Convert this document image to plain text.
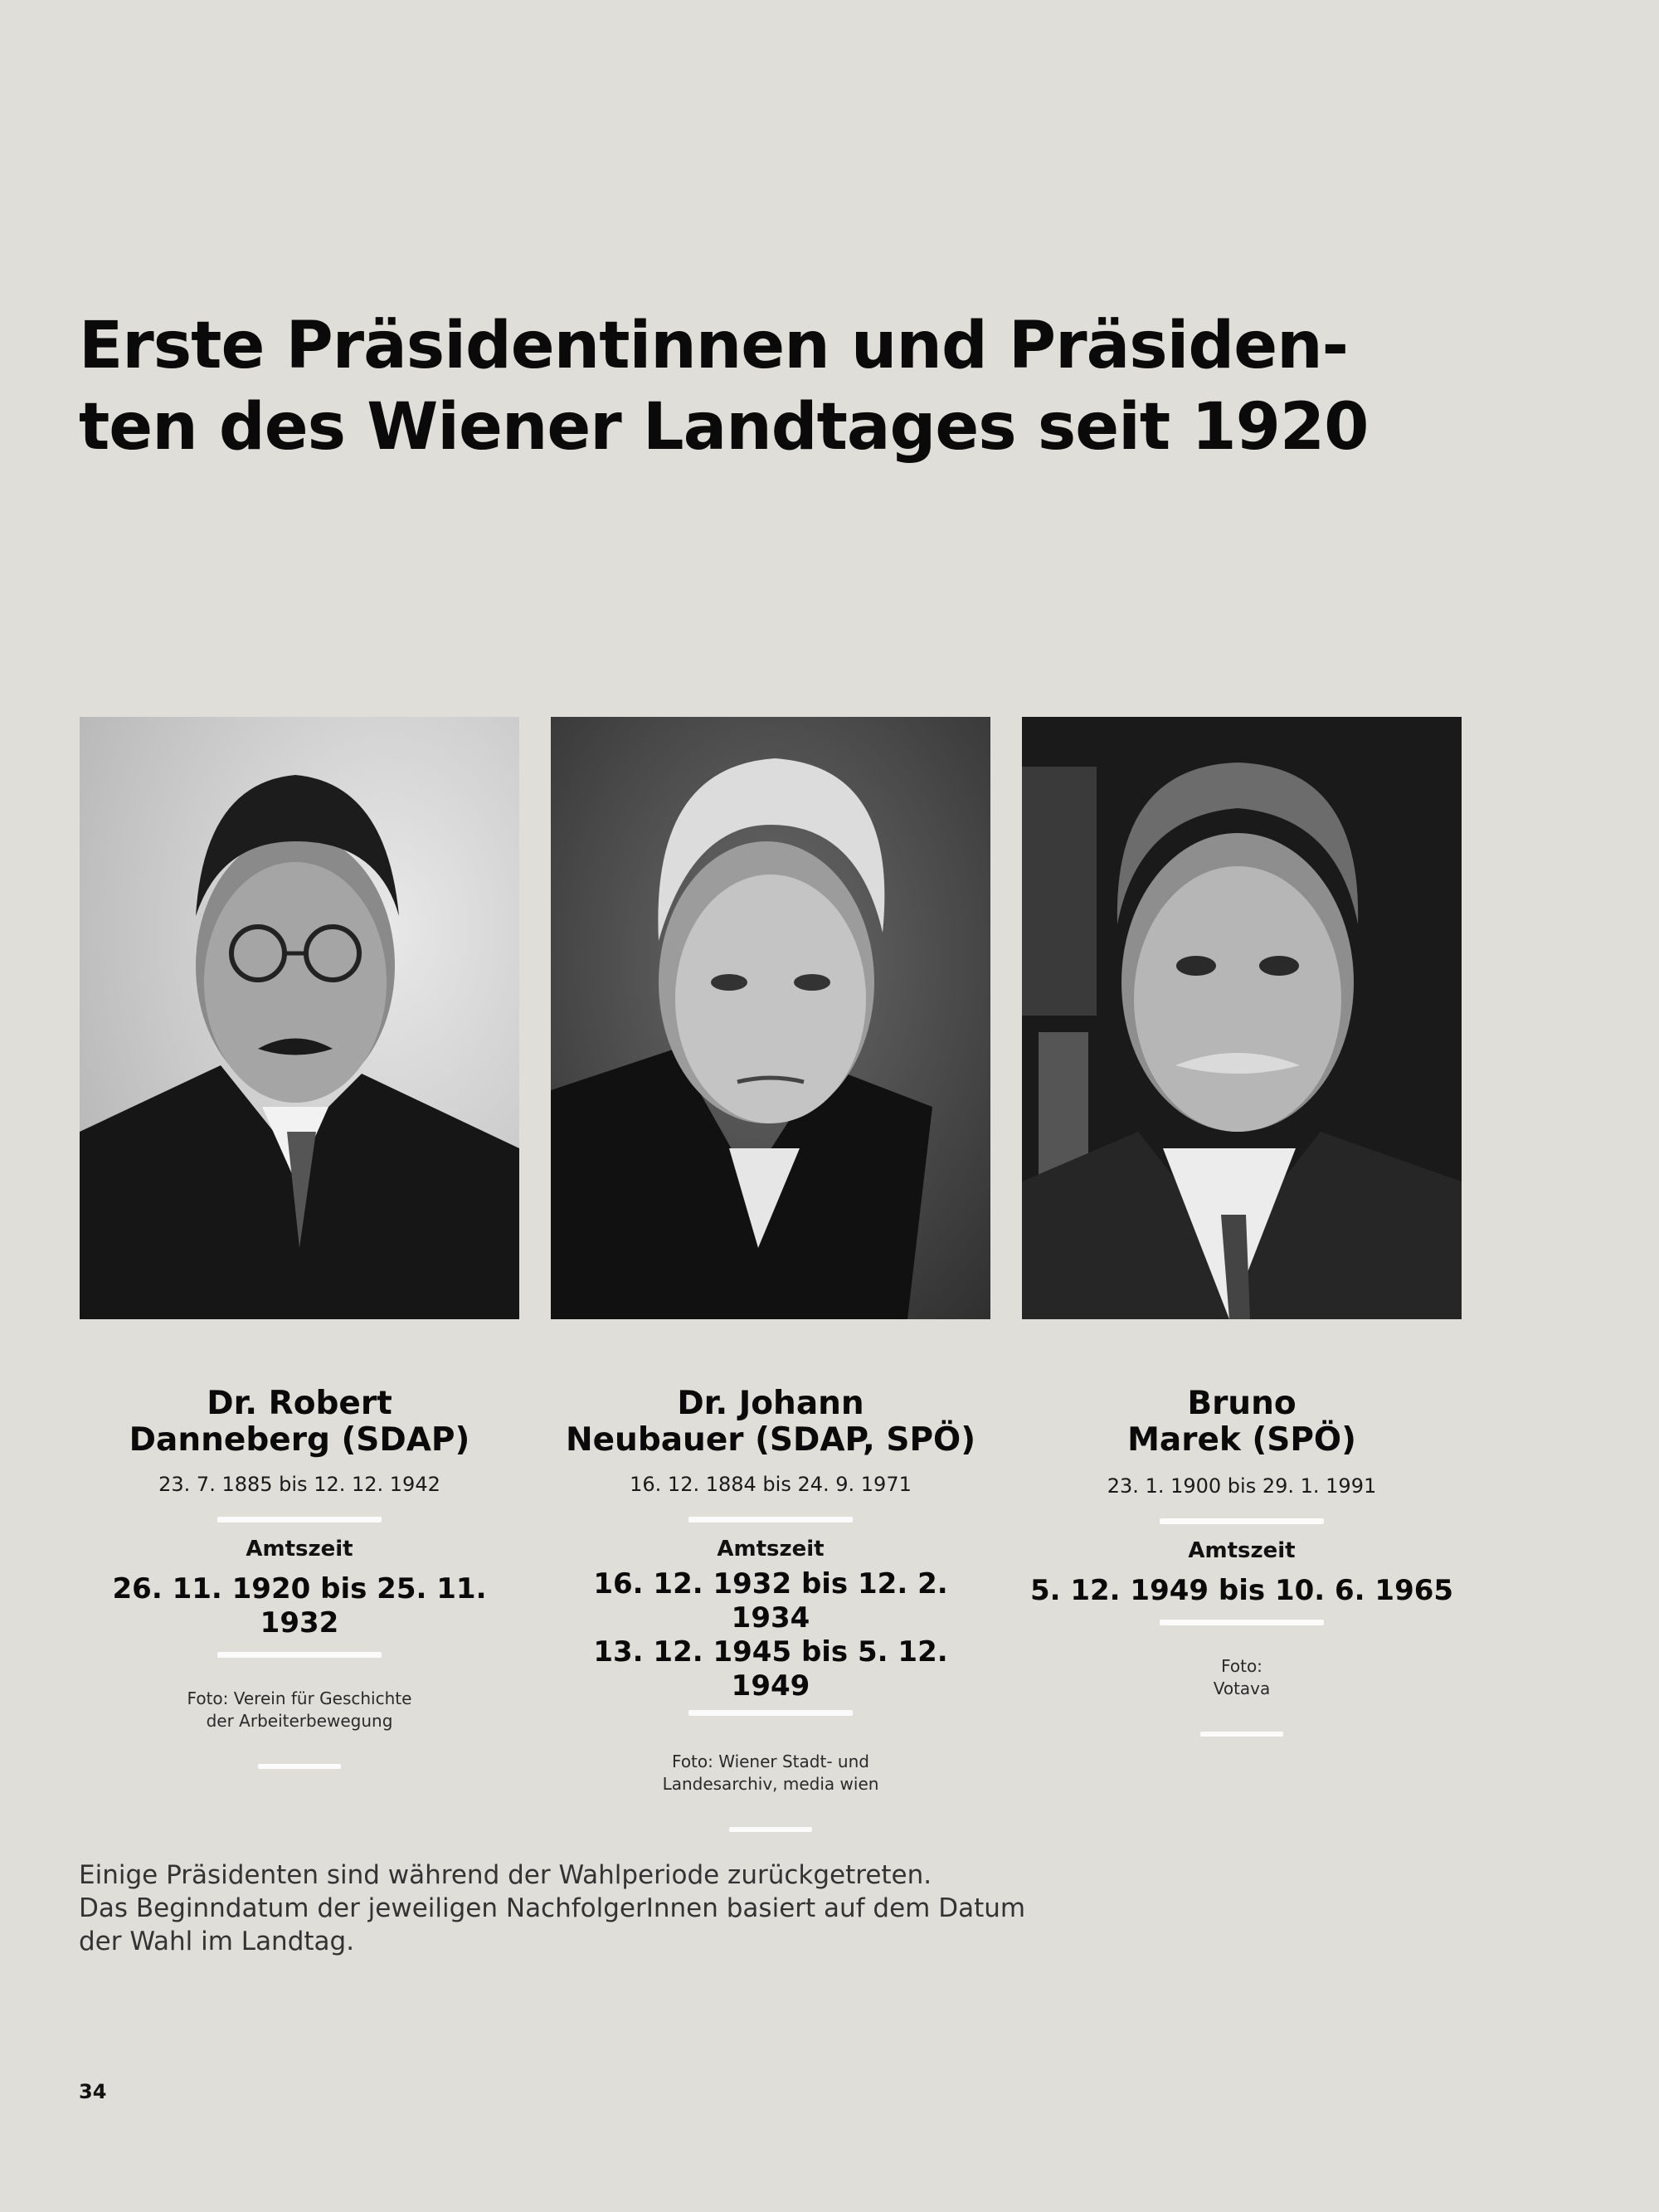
Erste Präsidentinnen und Präsiden-
ten des Wiener Landtages seit 1920
Dr. Robert
Danneberg (SDAP)
23. 7. 1885 bis 12. 12. 1942
Amtszeit
26. 11. 1920 bis 25. 11. 1932
Foto: Verein für Geschichte
der Arbeiterbewegung
Dr. Johann
Neubauer (SDAP, SPÖ)
16. 12. 1884 bis 24. 9. 1971
Amtszeit
16. 12. 1932 bis 12. 2. 1934
13. 12. 1945 bis 5. 12. 1949
Foto: Wiener Stadt- und
Landesarchiv, media wien
Bruno
Marek (SPÖ)
23. 1. 1900 bis 29. 1. 1991
Amtszeit
5. 12. 1949 bis 10. 6. 1965
Foto:
Votava
Einige Präsidenten sind während der Wahlperiode zurückgetreten.
Das Beginndatum der jeweiligen NachfolgerInnen basiert auf dem Datum
der Wahl im Landtag.
34
